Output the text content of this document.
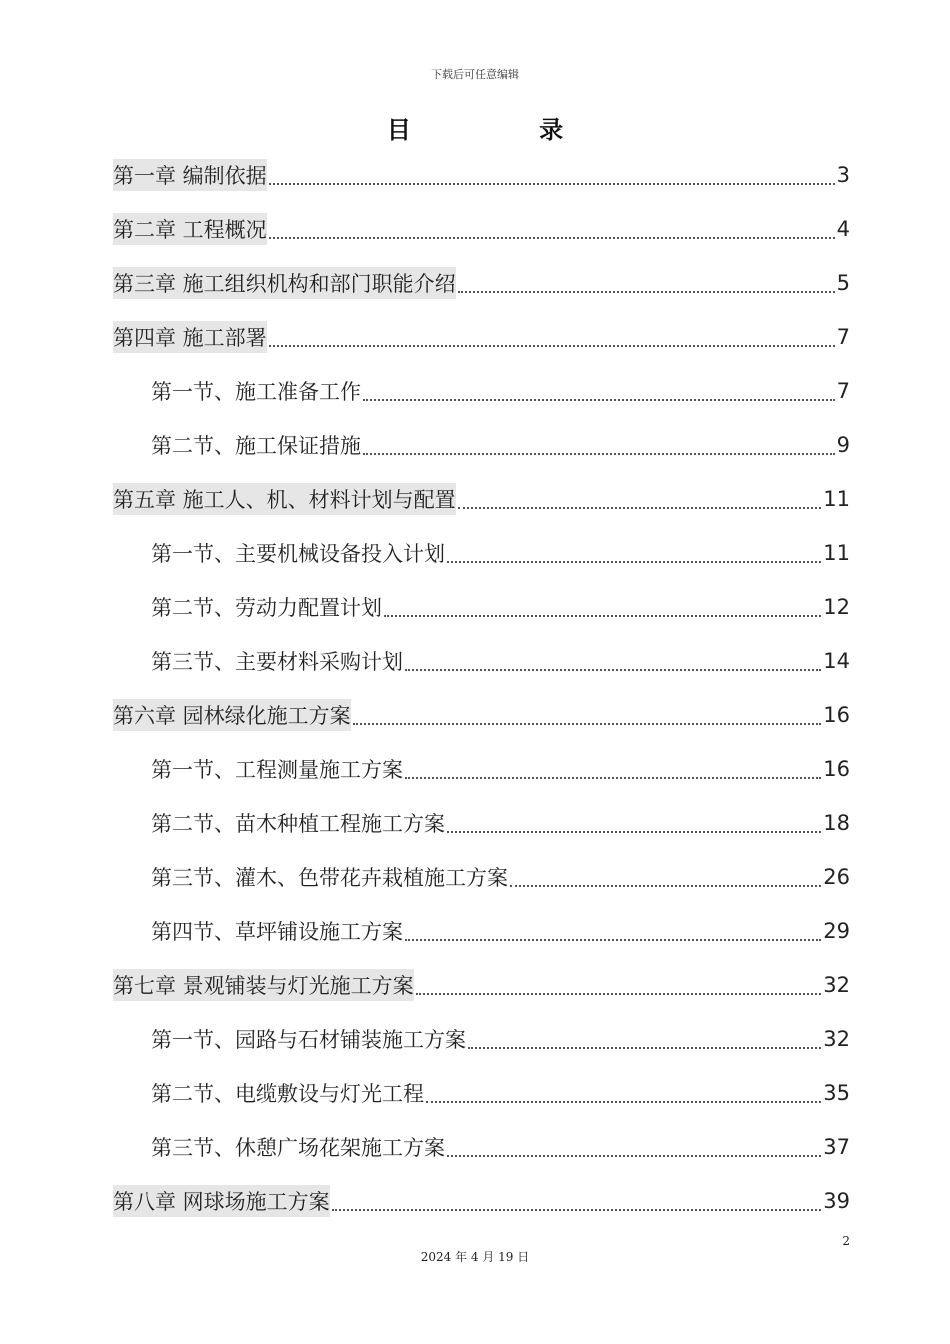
下载后可任意编辑
目 录
第一章 编制依据	3
第二章 工程概况	4
第三章 施工组织机构和部门职能介绍	5
第四章 施工部署	7
第一节、施工准备工作	7
第二节、施工保证措施	9
第五章 施工人、机、材料计划与配置	11
第一节、主要机械设备投入计划	11
第二节、劳动力配置计划	12
第三节、主要材料采购计划	14
第六章 园林绿化施工方案	16
第一节、工程测量施工方案	16
第二节、苗木种植工程施工方案	18
第三节、灌木、色带花卉栽植施工方案	26
第四节、草坪铺设施工方案	29
第七章 景观铺装与灯光施工方案	32
第一节、园路与石材铺装施工方案	32
第二节、电缆敷设与灯光工程	35
第三节、休憩广场花架施工方案	37
第八章 网球场施工方案	39
2
2024 年 4 月 19 日
